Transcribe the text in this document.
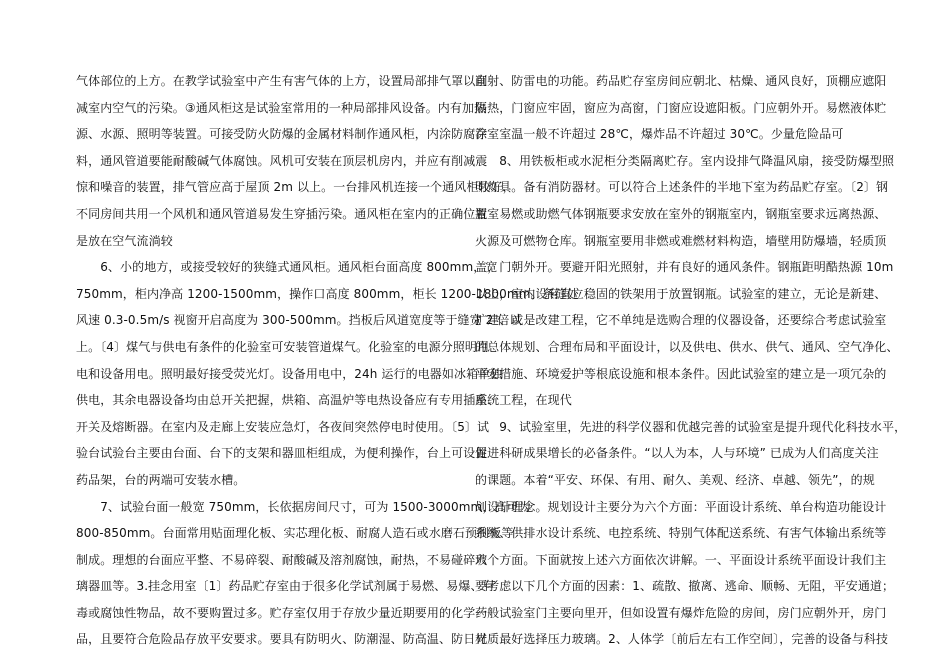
气体部位的上方。在教学试验室中产生有害气体的上方，设置局部排气罩以削
减室内空气的污染。③通风柜这是试验室常用的一种局部排风设备。内有加热
源、水源、照明等装置。可接受防火防爆的金属材料制作通风柜，内涂防腐涂
料，通风管道要能耐酸碱气体腐蚀。风机可安装在顶层机房内，并应有削减震
惊和噪音的装置，排气管应高于屋顶 2m 以上。一台排风机连接一个通风柜较好，
不同房间共用一个风机和通风管道易发生穿插污染。通风柜在室内的正确位置
是放在空气流淌较
　　6、小的地方，或接受较好的狭缝式通风柜。通风柜台面高度 800mm，宽
750mm，柜内净高 1200-1500mm，操作口高度 800mm，柜长 1200-1800mm。条缝处
风速 0.3-0.5m/s 视窗开启高度为 300-500mm。挡板后风道宽度等于缝宽 2 倍以
上。〔4〕煤气与供电有条件的化验室可安装管道煤气。化验室的电源分照明用
电和设备用电。照明最好接受荧光灯。设备用电中，24h 运行的电器如冰箱单独
供电，其余电器设备均由总开关把握，烘箱、高温炉等电热设备应有专用插座、
开关及熔断器。在室内及走廊上安装应急灯，各夜间突然停电时使用。〔5〕试
验台试验台主要由台面、台下的支架和器皿柜组成，为便利操作，台上可设置
药品架，台的两端可安装水槽。
　　7、试验台面一般宽 750mm，长依据房间尺寸，可为 1500-3000mm，高可为
800-850mm。台面常用贴面理化板、实芯理化板、耐腐人造石或水磨石预制板等
制成。理想的台面应平整、不易碎裂、耐酸碱及溶剂腐蚀，耐热，不易碰碎玻
璃器皿等。3.挂念用室〔1〕药品贮存室由于很多化学试剂属于易燃、易爆、有
毒或腐蚀性物品，故不要购置过多。贮存室仅用于存放少量近期要用的化学药
品，且要符合危险品存放平安要求。要具有防明火、防潮湿、防高温、防日光
直射、防雷电的功能。药品贮存室房间应朝北、枯燥、通风良好，顶棚应遮阳
隔热，门窗应牢固，窗应为高窗，门窗应设遮阳板。门应朝外开。易燃液体贮
存室室温一般不许超过 28℃，爆炸品不许超过 30℃。少量危险品可
　　8、用铁板柜或水泥柜分类隔离贮存。室内设排气降温风扇，接受防爆型照
明灯具。备有消防器材。可以符合上述条件的半地下室为药品贮存室。〔2〕钢
瓶室易燃或助燃气体钢瓶要求安放在室外的钢瓶室内，钢瓶室要求远离热源、
火源及可燃物仓库。钢瓶室要用非燃或难燃材料构造，墙壁用防爆墙，轻质顶
盖，门朝外开。要避开阳光照射，并有良好的通风条件。钢瓶距明酷热源 10m
以上，室内设有直立稳固的铁架用于放置钢瓶。试验室的建立，无论是新建、
扩建、或是改建工程，它不单纯是选购合理的仪器设备，还要综合考虑试验室
的总体规划、合理布局和平面设计，以及供电、供水、供气、通风、空气净化、
平安措施、环境爱护等根底设施和根本条件。因此试验室的建立是一项冗杂的
系统工程，在现代
　　9、试验室里，先进的科学仪器和优越完善的试验室是提升现代化科技水平，
促进科研成果增长的必备条件。“以人为本，人与环境” 已成为人们高度关注
的课题。本着“平安、环保、有用、耐久、美观、经济、卓越、领先”，的规
划设计理念。规划设计主要分为六个方面：平面设计系统、单台构造功能设计
系统、供排水设计系统、电控系统、特别气体配送系统、有害气体输出系统等
六个方面。下面就按上述六方面依次讲解。一、平面设计系统平面设计我们主
要考虑以下几个方面的因素：1、疏散、撤离、逃命、顺畅、无阻，平安通道；
一般试验室门主要向里开，但如设置有爆炸危险的房间，房门应朝外开，房门
材质最好选择压力玻璃。2、人体学〔前后左右工作空间〕，完善的设备与科技
